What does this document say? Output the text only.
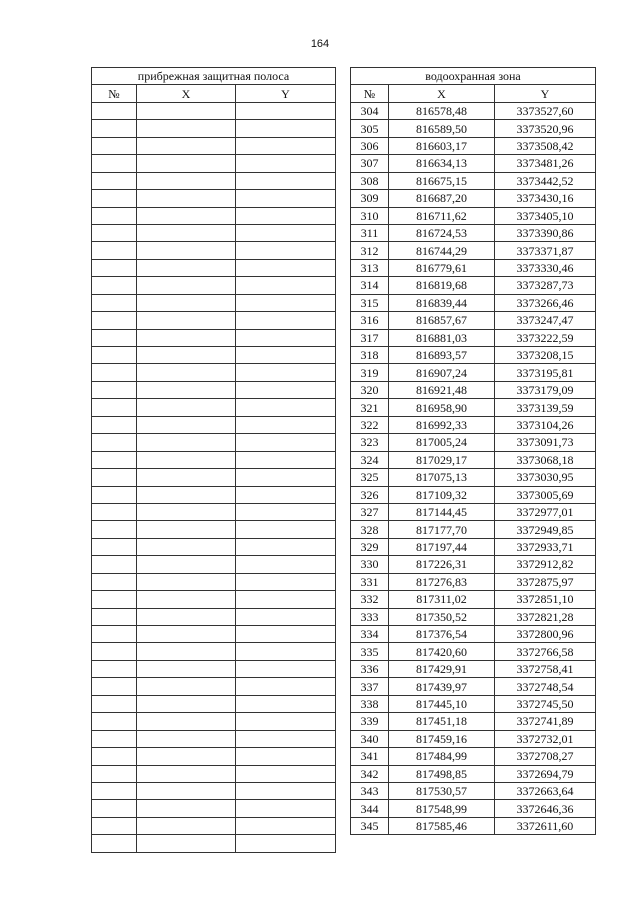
164
прибрежная защитная полоса		
№	X	Y

водоохранная зона		
№	X	Y
304	816578,48	3373527,60
305	816589,50	3373520,96
306	816603,17	3373508,42
307	816634,13	3373481,26
308	816675,15	3373442,52
309	816687,20	3373430,16
310	816711,62	3373405,10
311	816724,53	3373390,86
312	816744,29	3373371,87
313	816779,61	3373330,46
314	816819,68	3373287,73
315	816839,44	3373266,46
316	816857,67	3373247,47
317	816881,03	3373222,59
318	816893,57	3373208,15
319	816907,24	3373195,81
320	816921,48	3373179,09
321	816958,90	3373139,59
322	816992,33	3373104,26
323	817005,24	3373091,73
324	817029,17	3373068,18
325	817075,13	3373030,95
326	817109,32	3373005,69
327	817144,45	3372977,01
328	817177,70	3372949,85
329	817197,44	3372933,71
330	817226,31	3372912,82
331	817276,83	3372875,97
332	817311,02	3372851,10
333	817350,52	3372821,28
334	817376,54	3372800,96
335	817420,60	3372766,58
336	817429,91	3372758,41
337	817439,97	3372748,54
338	817445,10	3372745,50
339	817451,18	3372741,89
340	817459,16	3372732,01
341	817484,99	3372708,27
342	817498,85	3372694,79
343	817530,57	3372663,64
344	817548,99	3372646,36
345	817585,46	3372611,60
